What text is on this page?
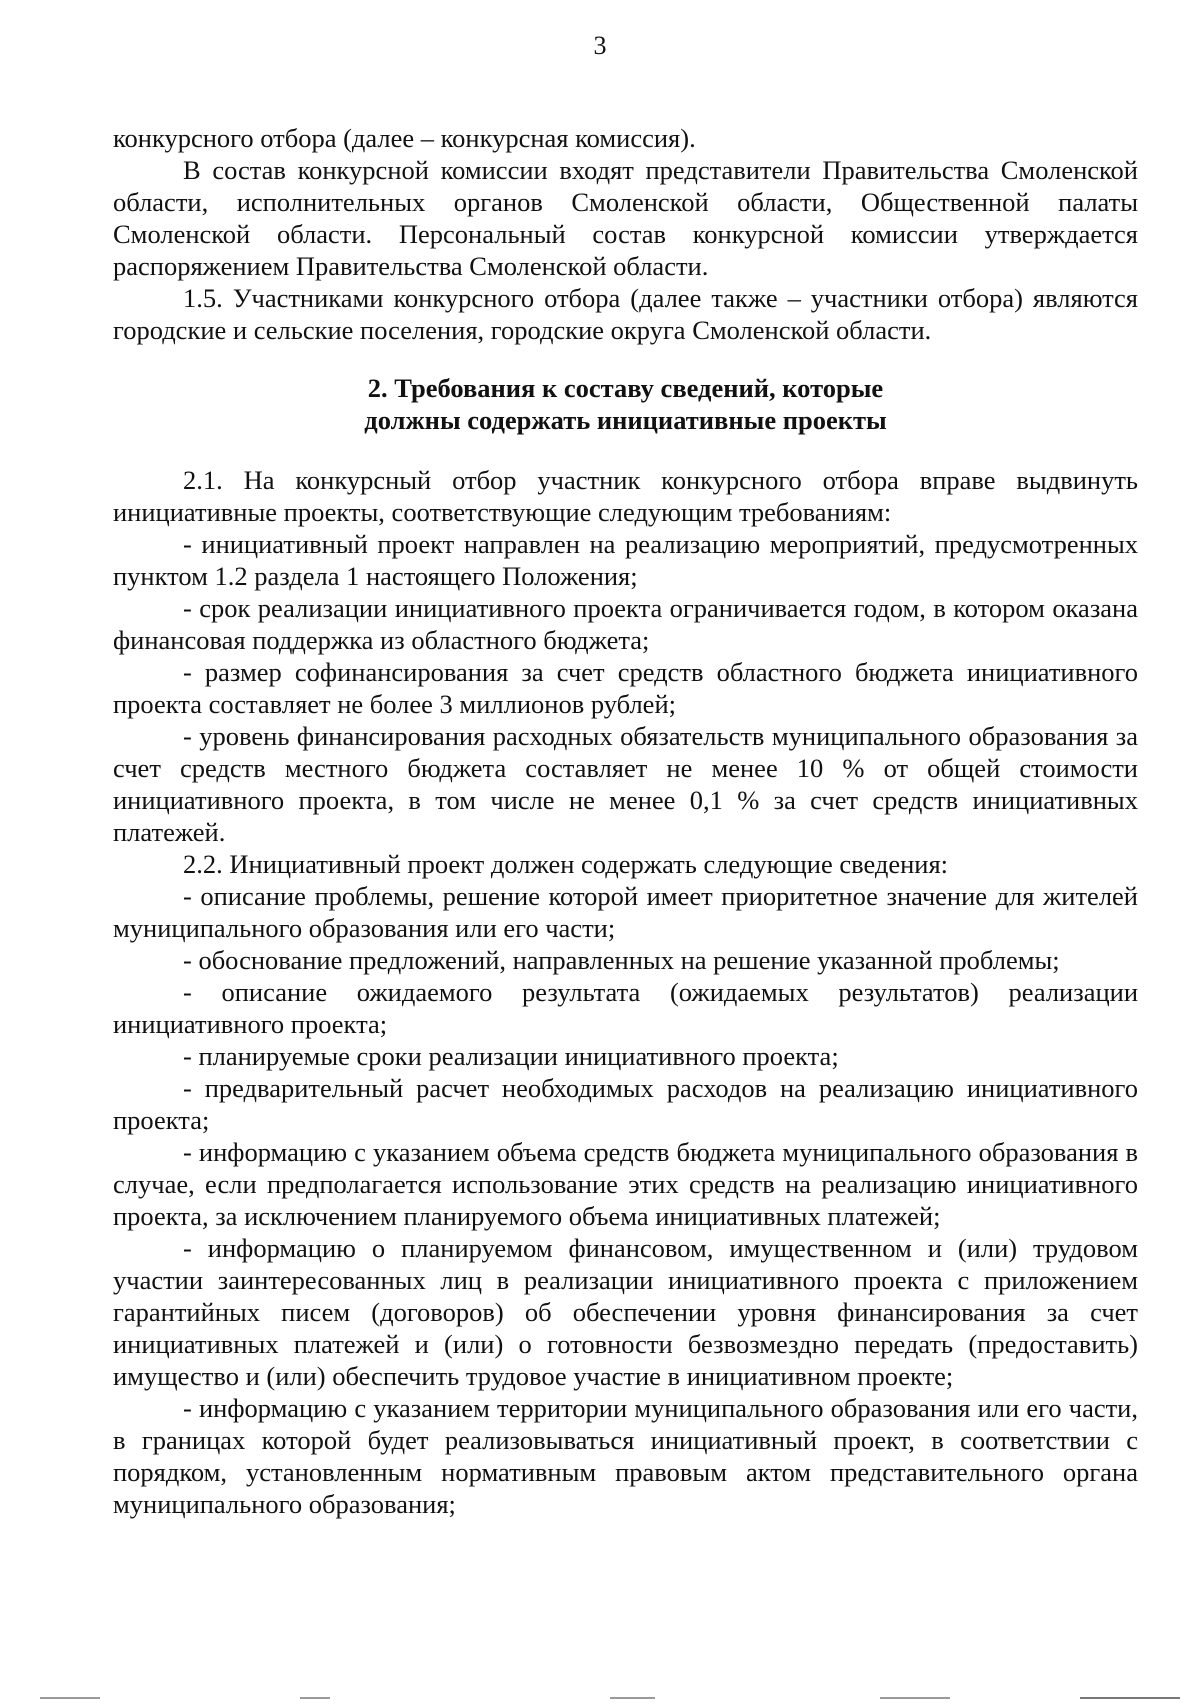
3

конкурсного отбора (далее – конкурсная комиссия).

В состав конкурсной комиссии входят представители Правительства Смоленской области, исполнительных органов Смоленской области, Общественной палаты Смоленской области. Персональный состав конкурсной комиссии утверждается распоряжением Правительства Смоленской области.

1.5. Участниками конкурсного отбора (далее также – участники отбора) являются городские и сельские поселения, городские округа Смоленской области.

2. Требования к составу сведений, которые
должны содержать инициативные проекты

2.1. На конкурсный отбор участник конкурсного отбора вправе выдвинуть инициативные проекты, соответствующие следующим требованиям:

- инициативный проект направлен на реализацию мероприятий, предусмотренных пунктом 1.2 раздела 1 настоящего Положения;

- срок реализации инициативного проекта ограничивается годом, в котором оказана финансовая поддержка из областного бюджета;

- размер софинансирования за счет средств областного бюджета инициативного проекта составляет не более 3 миллионов рублей;

- уровень финансирования расходных обязательств муниципального образования за счет средств местного бюджета составляет не менее 10 % от общей стоимости инициативного проекта, в том числе не менее 0,1 % за счет средств инициативных платежей.

2.2. Инициативный проект должен содержать следующие сведения:

- описание проблемы, решение которой имеет приоритетное значение для жителей муниципального образования или его части;

- обоснование предложений, направленных на решение указанной проблемы;

- описание ожидаемого результата (ожидаемых результатов) реализации инициативного проекта;

- планируемые сроки реализации инициативного проекта;

- предварительный расчет необходимых расходов на реализацию инициативного проекта;

- информацию с указанием объема средств бюджета муниципального образования в случае, если предполагается использование этих средств на реализацию инициативного проекта, за исключением планируемого объема инициативных платежей;

- информацию о планируемом финансовом, имущественном и (или) трудовом участии заинтересованных лиц в реализации инициативного проекта с приложением гарантийных писем (договоров) об обеспечении уровня финансирования за счет инициативных платежей и (или) о готовности безвозмездно передать (предоставить) имущество и (или) обеспечить трудовое участие в инициативном проекте;

- информацию с указанием территории муниципального образования или его части, в границах которой будет реализовываться инициативный проект, в соответствии с порядком, установленным нормативным правовым актом представительного органа муниципального образования;
